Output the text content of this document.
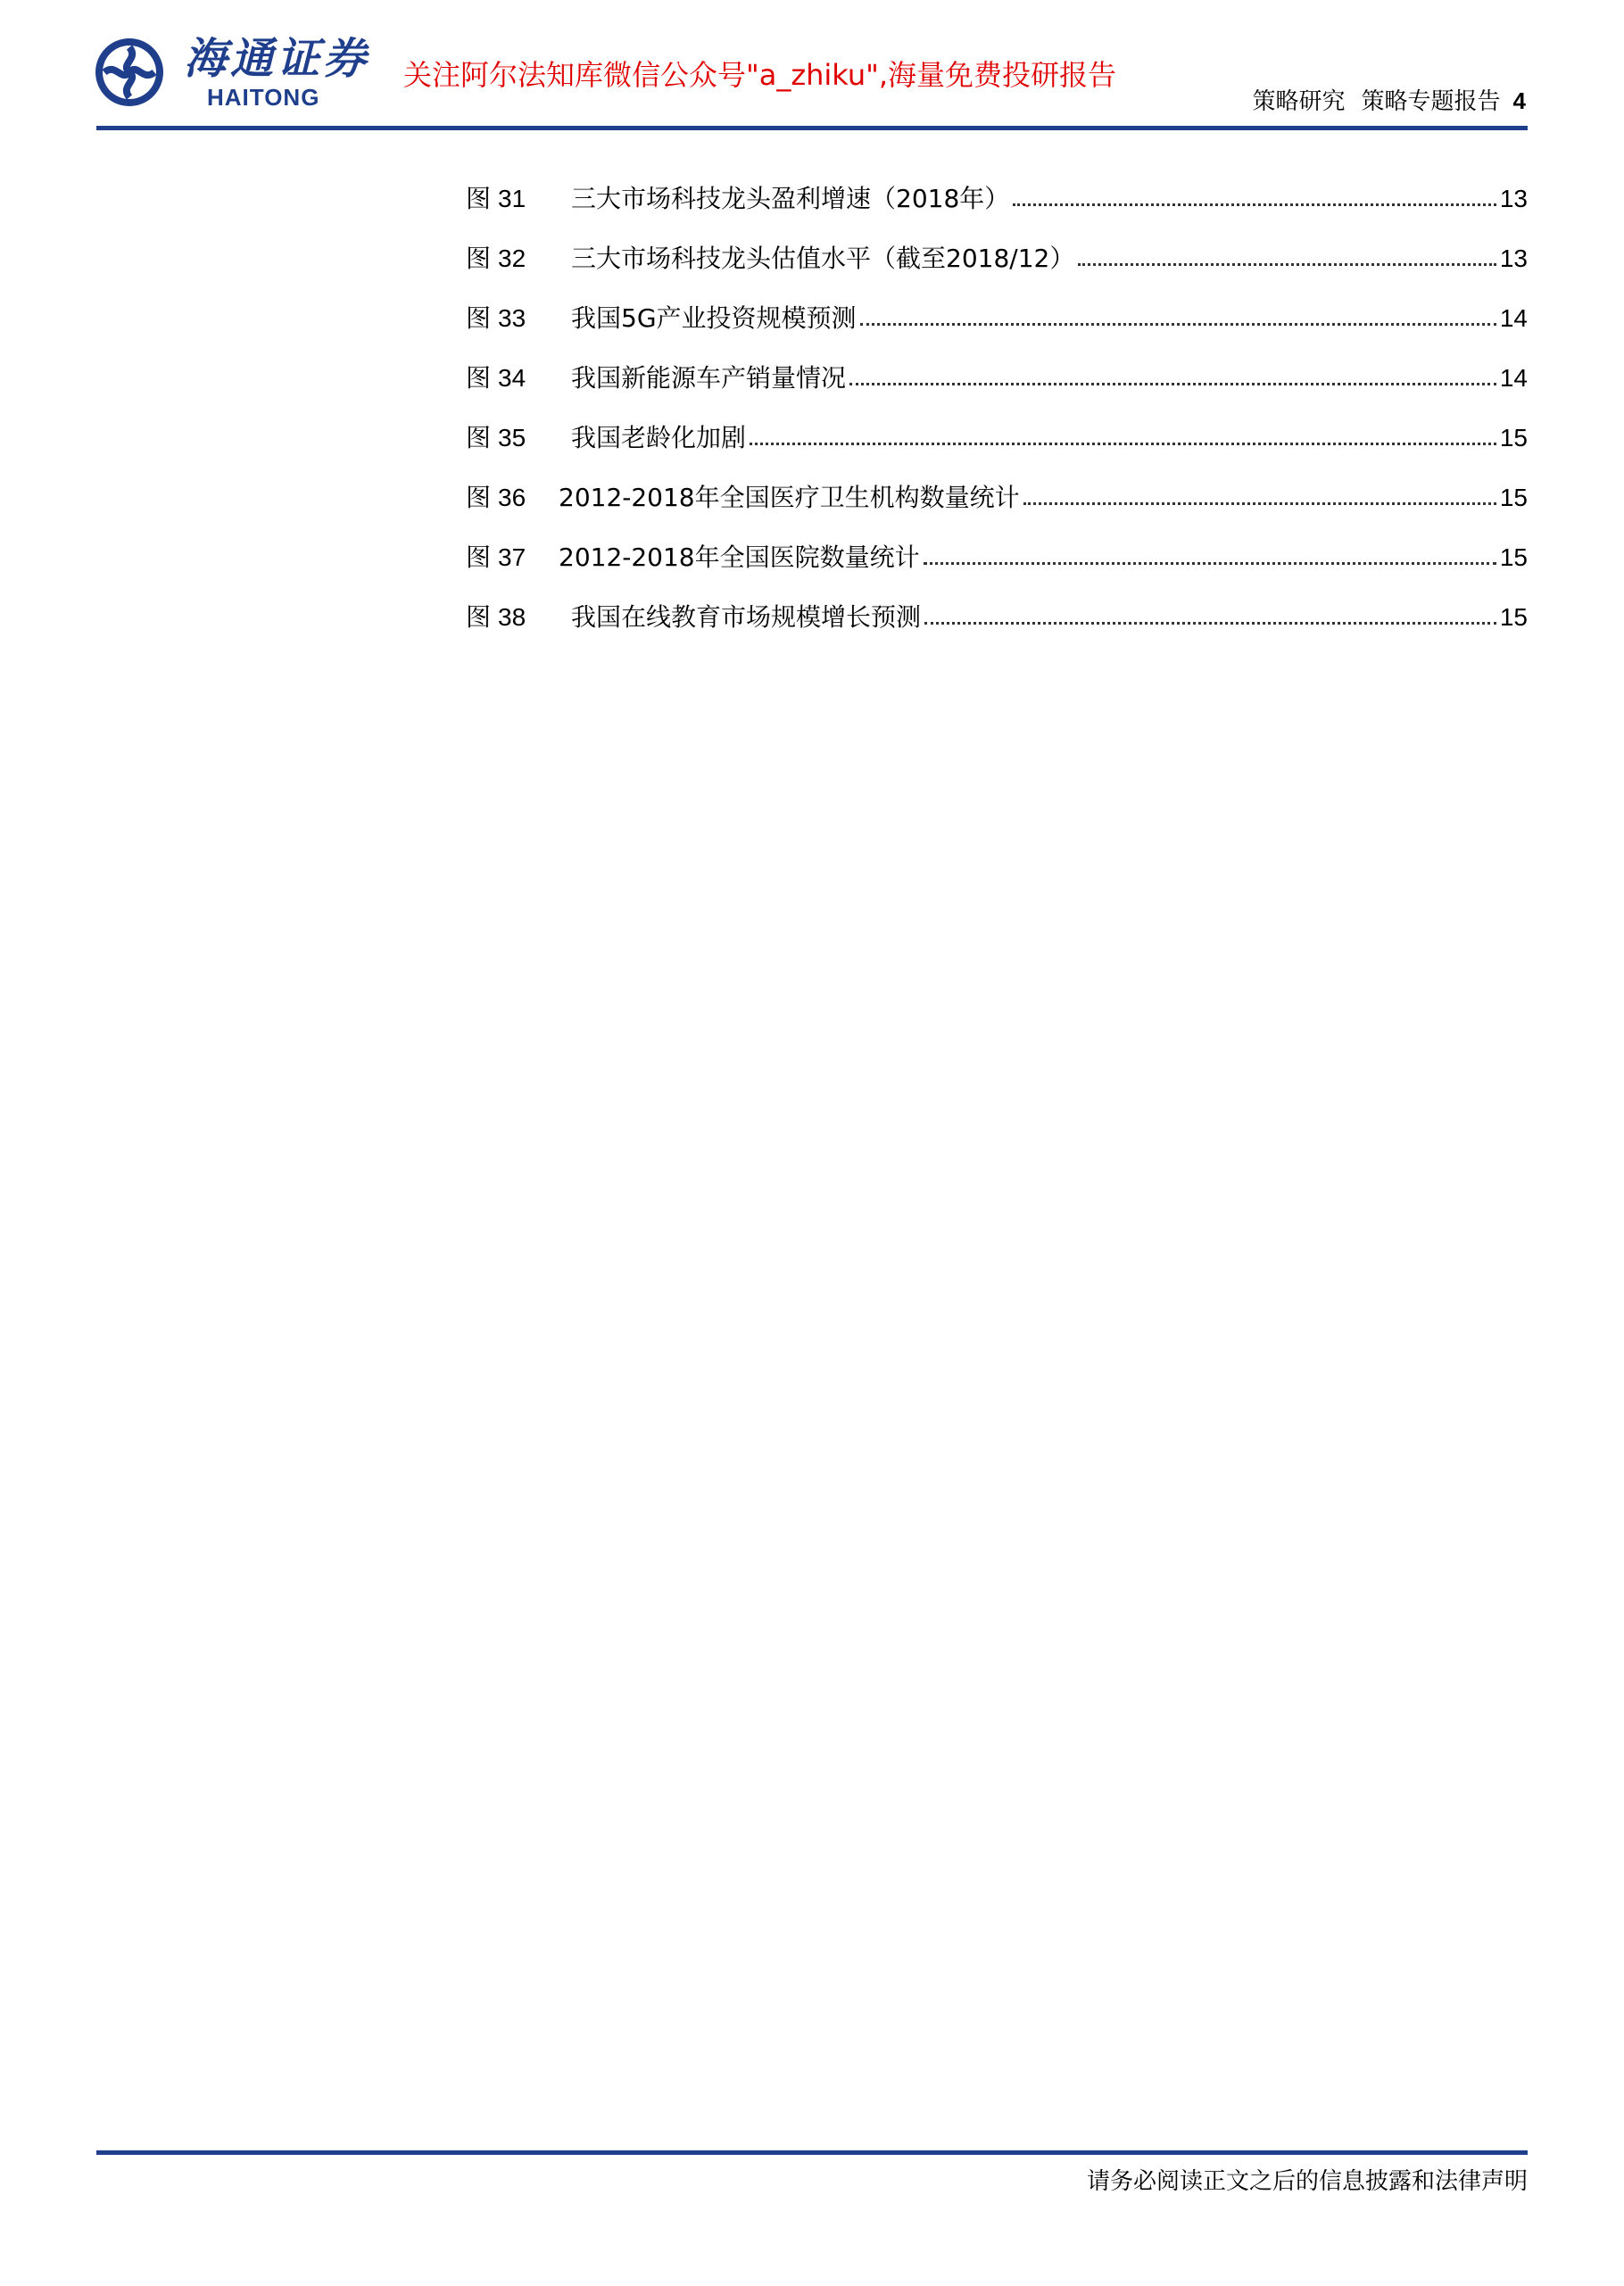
海通证券
HAITONG
关注阿尔法知库微信公众号"a_zhiku",海量免费投研报告
策略研究 策略专题报告 4
图 31	三大市场科技龙头盈利增速（2018年）	13
图 32	三大市场科技龙头估值水平（截至2018/12）	13
图 33	我国5G产业投资规模预测	14
图 34	我国新能源车产销量情况	14
图 35	我国老龄化加剧	15
图 36	2012-2018年全国医疗卫生机构数量统计	15
图 37	2012-2018年全国医院数量统计	15
图 38	我国在线教育市场规模增长预测	15
请务必阅读正文之后的信息披露和法律声明
